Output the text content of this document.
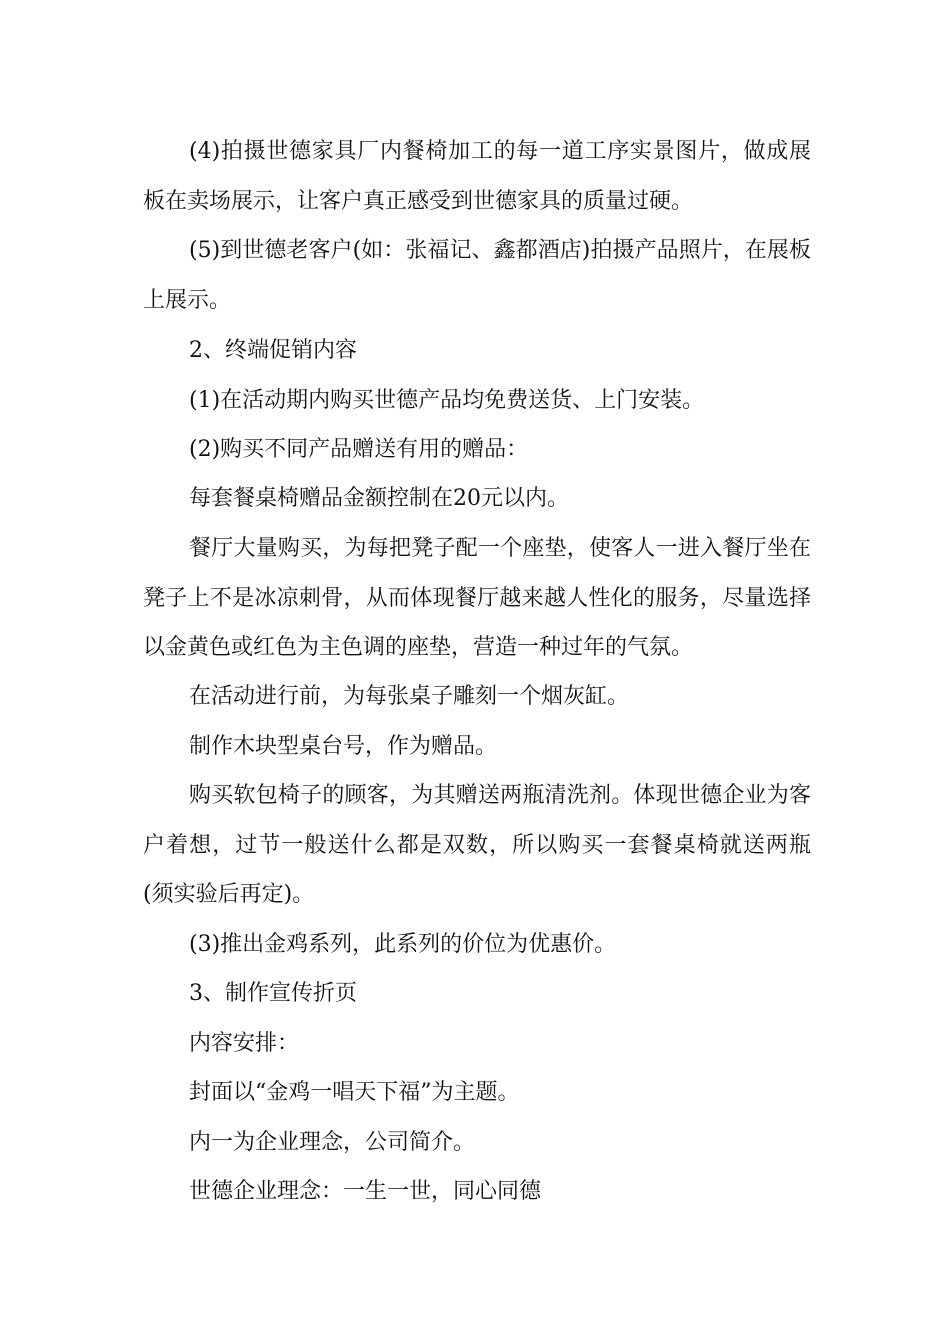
(4)拍摄世德家具厂内餐椅加工的每一道工序实景图片，做成展板在卖场展示，让客户真正感受到世德家具的质量过硬。

(5)到世德老客户(如：张福记、鑫都酒店)拍摄产品照片，在展板上展示。

2、终端促销内容

(1)在活动期内购买世德产品均免费送货、上门安装。

(2)购买不同产品赠送有用的赠品：

每套餐桌椅赠品金额控制在20元以内。

餐厅大量购买，为每把凳子配一个座垫，使客人一进入餐厅坐在凳子上不是冰凉刺骨，从而体现餐厅越来越人性化的服务，尽量选择以金黄色或红色为主色调的座垫，营造一种过年的气氛。

在活动进行前，为每张桌子雕刻一个烟灰缸。

制作木块型桌台号，作为赠品。

购买软包椅子的顾客，为其赠送两瓶清洗剂。体现世德企业为客户着想，过节一般送什么都是双数，所以购买一套餐桌椅就送两瓶(须实验后再定)。

(3)推出金鸡系列，此系列的价位为优惠价。

3、制作宣传折页

内容安排：

封面以“金鸡一唱天下福”为主题。

内一为企业理念，公司简介。

世德企业理念：一生一世，同心同德
